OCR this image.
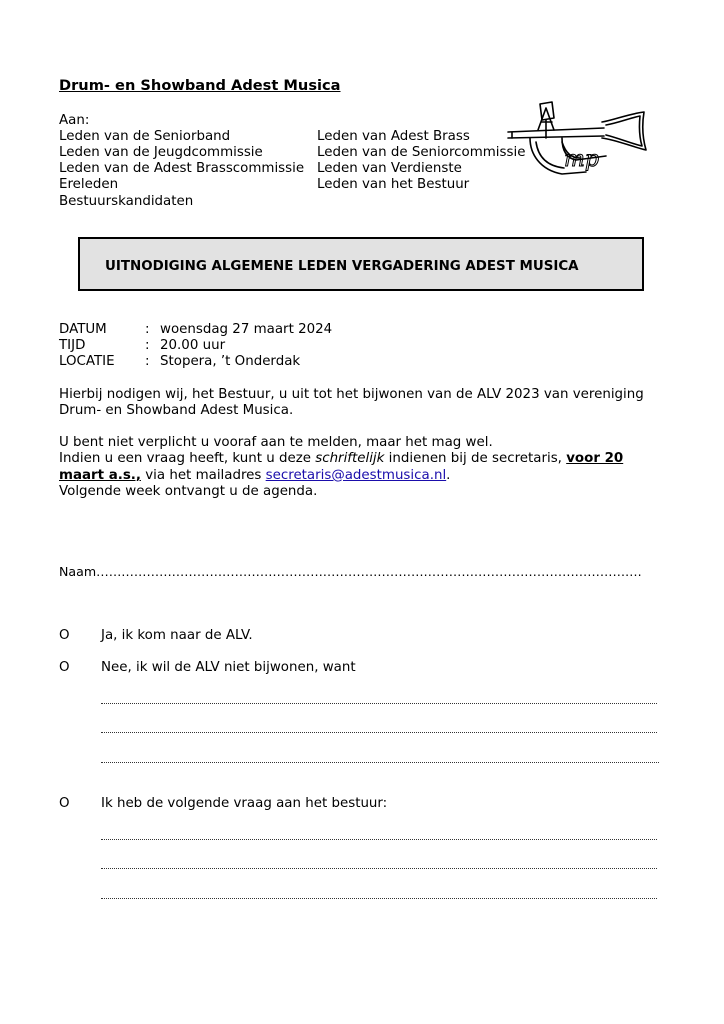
Drum- en Showband Adest Musica
Aan:
Leden van de Seniorband
Leden van de Jeugdcommissie
Leden van de Adest Brasscommissie
Ereleden
Bestuurskandidaten
Leden van Adest Brass
Leden van de Seniorcommissie
Leden van Verdienste
Leden van het Bestuur
mp
UITNODIGING ALGEMENE LEDEN VERGADERING ADEST MUSICA
DATUM	: woensdag 27 maart 2024
TIJD	: 20.00 uur
LOCATIE : Stopera, ’t Onderdak

Hierbij nodigen wij, het Bestuur, u uit tot het bijwonen van de ALV 2023 van vereniging

Drum- en Showband Adest Musica.

U bent niet verplicht u vooraf aan te melden, maar het mag wel.

Indien u een vraag heeft, kunt u deze schriftelijk indienen bij de secretaris, voor 20

maart a.s., via het mailadres secretaris@adestmusica.nl.

Volgende week ontvangt u de agenda.

Naam………………………………………………………………………………………………………………….
O Ja, ik kom naar de ALV.
O Nee, ik wil de ALV niet bijwonen, want
O Ik heb de volgende vraag aan het bestuur:
